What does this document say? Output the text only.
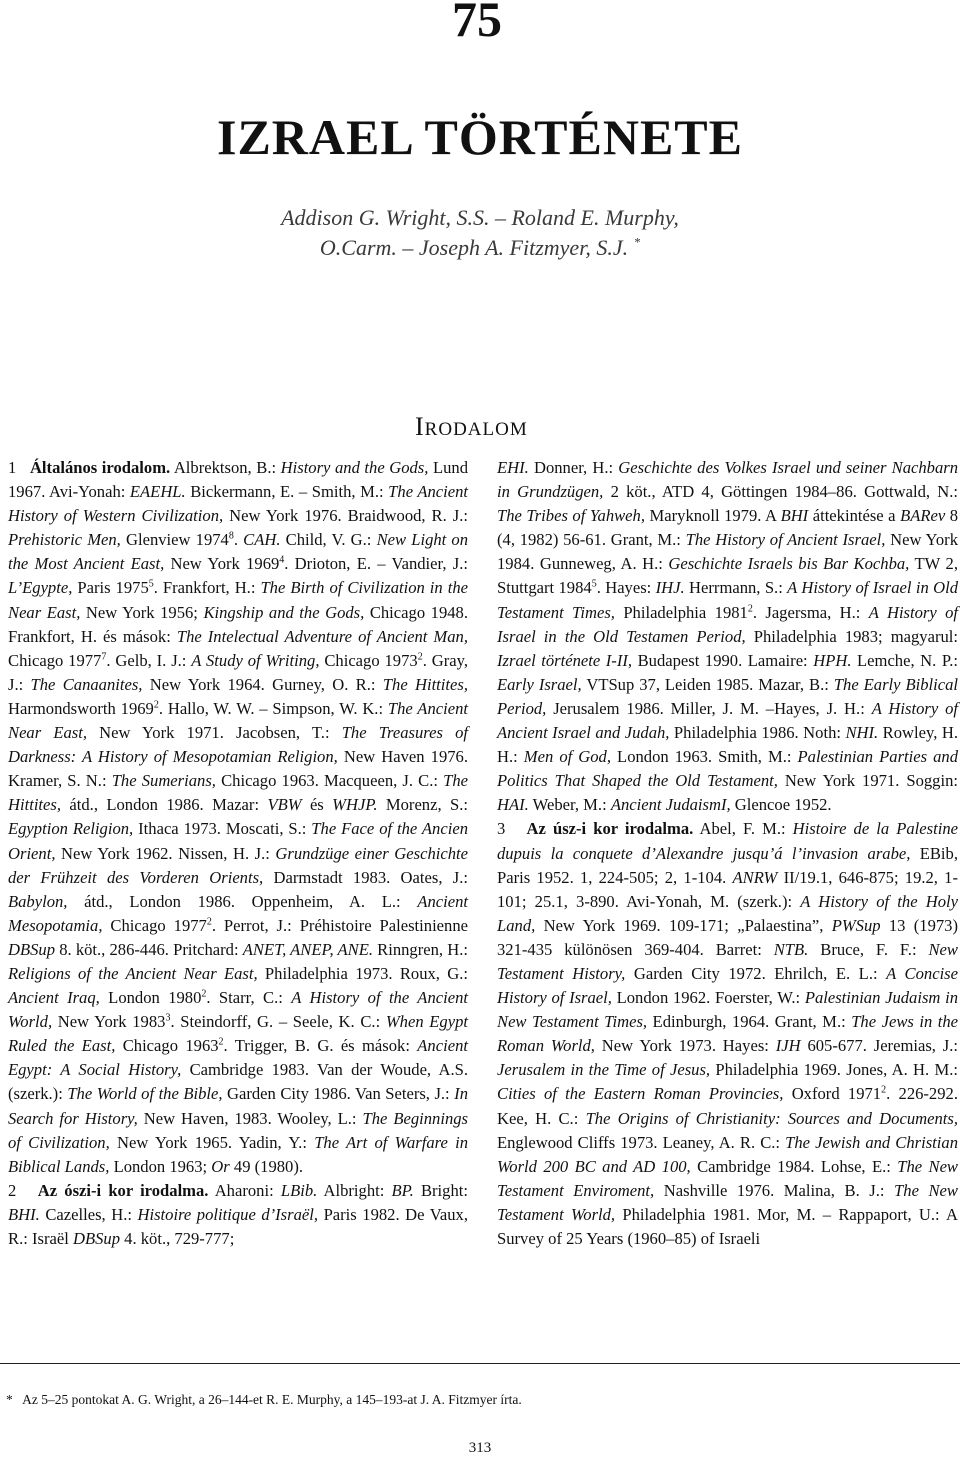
75
IZRAEL TÖRTÉNETE
Addison G. Wright, S.S. – Roland E. Murphy,
O.Carm. – Joseph A. Fitzmyer, S.J. *
IRODALOM
1   Általános irodalom. Albrektson, B.: History and the Gods, Lund 1967. Avi-Yonah: EAEHL. Bickermann, E. – Smith, M.: The Ancient History of Western Civilization, New York 1976. Braidwood, R. J.: Prehistoric Men, Glenview 1974$^8$. CAH. Child, V. G.: New Light on the Most Ancient East, New York 1969$^4$. Drioton, E. – Vandier, J.: L’Egypte, Paris 1975$^5$. Frankfort, H.: The Birth of Civilization in the Near East, New York 1956; Kingship and the Gods, Chicago 1948. Frankfort, H. és mások: The Intelectual Adventure of Ancient Man, Chicago 1977$^7$. Gelb, I. J.: A Study of Writing, Chicago 1973$^2$. Gray, J.: The Canaanites, New York 1964. Gurney, O. R.: The Hittites, Harmondsworth 1969$^2$. Hallo, W. W. – Simpson, W. K.: The Ancient Near East, New York 1971. Jacobsen, T.: The Treasures of Darkness: A History of Mesopotamian Religion, New Haven 1976. Kramer, S. N.: The Sumerians, Chicago 1963. Macqueen, J. C.: The Hittites, átd., London 1986. Mazar: VBW és WHJP. Morenz, S.: Egyption Religion, Ithaca 1973. Moscati, S.: The Face of the Ancien Orient, New York 1962. Nissen, H. J.: Grundzüge einer Geschichte der Frühzeit des Vorderen Orients, Darmstadt 1983. Oates, J.: Babylon, átd., London 1986. Oppenheim, A. L.: Ancient Mesopotamia, Chicago 1977$^2$. Perrot, J.: Préhistoire Palestinienne DBSup 8. köt., 286-446. Pritchard: ANET, ANEP, ANE. Rinngren, H.: Religions of the Ancient Near East, Philadelphia 1973. Roux, G.: Ancient Iraq, London 1980$^2$. Starr, C.: A History of the Ancient World, New York 1983$^3$. Steindorff, G. – Seele, K. C.: When Egypt Ruled the East, Chicago 1963$^2$. Trigger, B. G. és mások: Ancient Egypt: A Social History, Cambridge 1983. Van der Woude, A.S. (szerk.): The World of the Bible, Garden City 1986. Van Seters, J.: In Search for History, New Haven, 1983. Wooley, L.: The Beginnings of Civilization, New York 1965. Yadin, Y.: The Art of Warfare in Biblical Lands, London 1963; Or 49 (1980).
2   Az ószi-i kor irodalma. Aharoni: LBib. Albright: BP. Bright: BHI. Cazelles, H.: Histoire politique d’Israël, Paris 1982. De Vaux, R.: Israël DBSup 4. köt., 729-777;
EHI. Donner, H.: Geschichte des Volkes Israel und seiner Nachbarn in Grundzügen, 2 köt., ATD 4, Göttingen 1984–86. Gottwald, N.: The Tribes of Yahweh, Maryknoll 1979. A BHI áttekintése a BARev 8 (4, 1982) 56-61. Grant, M.: The History of Ancient Israel, New York 1984. Gunneweg, A. H.: Geschichte Israels bis Bar Kochba, TW 2, Stuttgart 1984$^5$. Hayes: IHJ. Herrmann, S.: A History of Israel in Old Testament Times, Philadelphia 1981$^2$. Jagersma, H.: A History of Israel in the Old Testamen Period, Philadelphia 1983; magyarul: Izrael története I-II, Budapest 1990. Lamaire: HPH. Lemche, N. P.: Early Israel, VTSup 37, Leiden 1985. Mazar, B.: The Early Biblical Period, Jerusalem 1986. Miller, J. M. –Hayes, J. H.: A History of Ancient Israel and Judah, Philadelphia 1986. Noth: NHI. Rowley, H. H.: Men of God, London 1963. Smith, M.: Palestinian Parties and Politics That Shaped the Old Testament, New York 1971. Soggin: HAI. Weber, M.: Ancient JudaismI, Glencoe 1952.
3   Az úsz-i kor irodalma. Abel, F. M.: Histoire de la Palestine dupuis la conquete d’Alexandre jusqu’á l’invasion arabe, EBib, Paris 1952. 1, 224-505; 2, 1-104. ANRW II/19.1, 646-875; 19.2, 1-101; 25.1, 3-890. Avi-Yonah, M. (szerk.): A History of the Holy Land, New York 1969. 109-171; „Palaestina”, PWSup 13 (1973) 321-435 különösen 369-404. Barret: NTB. Bruce, F. F.: New Testament History, Garden City 1972. Ehrilch, E. L.: A Concise History of Israel, London 1962. Foerster, W.: Palestinian Judaism in New Testament Times, Edinburgh, 1964. Grant, M.: The Jews in the Roman World, New York 1973. Hayes: IJH 605-677. Jeremias, J.: Jerusalem in the Time of Jesus, Philadelphia 1969. Jones, A. H. M.: Cities of the Eastern Roman Provincies, Oxford 1971$^2$. 226-292. Kee, H. C.: The Origins of Christianity: Sources and Documents, Englewood Cliffs 1973. Leaney, A. R. C.: The Jewish and Christian World 200 BC and AD 100, Cambridge 1984. Lohse, E.: The New Testament Enviroment, Nashville 1976. Malina, B. J.: The New Testament World, Philadelphia 1981. Mor, M. – Rappaport, U.: A Survey of 25 Years (1960–85) of Israeli
*   Az 5–25 pontokat A. G. Wright, a 26–144-et R. E. Murphy, a 145–193-at J. A. Fitzmyer írta.
313
